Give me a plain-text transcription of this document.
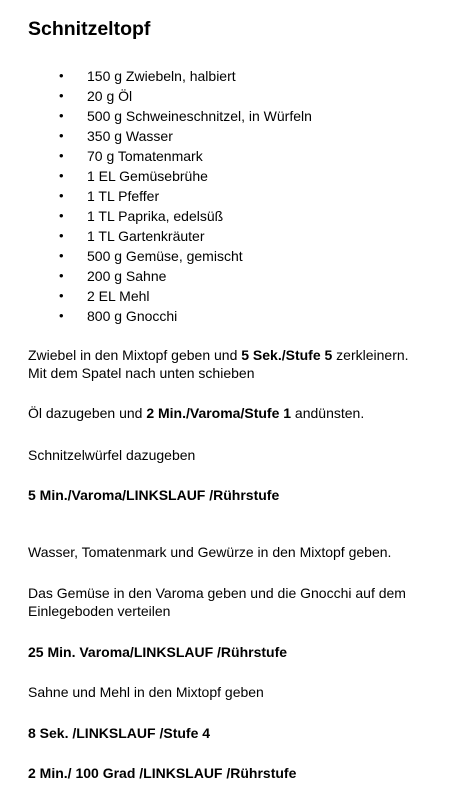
Schnitzeltopf
• 150 g Zwiebeln, halbiert
• 20 g Öl
• 500 g Schweineschnitzel, in Würfeln
• 350 g Wasser
• 70 g Tomatenmark
• 1 EL Gemüsebrühe
• 1 TL Pfeffer
• 1 TL Paprika, edelsüß
• 1 TL Gartenkräuter
• 500 g Gemüse, gemischt
• 200 g Sahne
• 2 EL Mehl
• 800 g Gnocchi
Zwiebel in den Mixtopf geben und 5 Sek./Stufe 5 zerkleinern.
Mit dem Spatel nach unten schieben
Öl dazugeben und 2 Min./Varoma/Stufe 1 andünsten.
Schnitzelwürfel dazugeben
5 Min./Varoma/LINKSLAUF /Rührstufe
Wasser, Tomatenmark und Gewürze in den Mixtopf geben.
Das Gemüse in den Varoma geben und die Gnocchi auf dem
Einlegeboden verteilen
25 Min. Varoma/LINKSLAUF /Rührstufe
Sahne und Mehl in den Mixtopf geben
8 Sek. /LINKSLAUF /Stufe 4
2 Min./ 100 Grad /LINKSLAUF /Rührstufe
